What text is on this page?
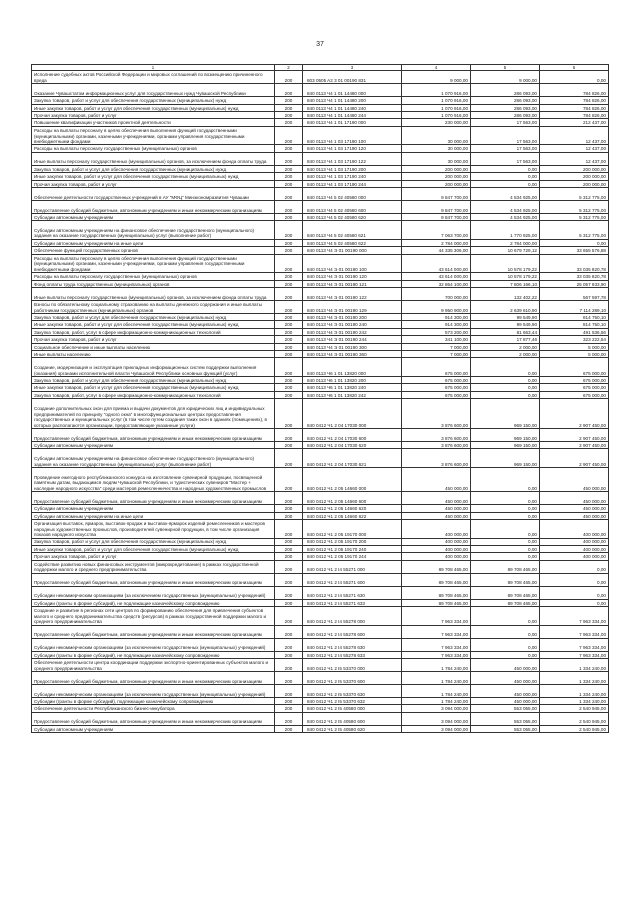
37
1	2	3	4	5	6
Исполнение судебных актов Российской Федерации и мировых соглашений по возмещению причиненного вреда	200	803 0505 A2 3 01 00190 831	9 000,00	9 000,00	0,00
Оказание Чувашстатом информационных услуг для государственных нужд Чувашской Республики	200	840 0113 Ч4 1 01 14480 000	1 070 916,00	286 093,00	784 826,00
Закупка товаров, работ и услуг для обеспечения государственных (муниципальных) нужд	200	840 0113 Ч4 1 01 14480 200	1 070 916,00	286 093,00	784 826,00
Иные закупки товаров, работ и услуг для обеспечения государственных (муниципальных) нужд	200	840 0113 Ч4 1 01 14480 240	1 070 916,00	286 093,00	784 826,00
Прочая закупка товаров, работ и услуг	200	840 0113 Ч4 1 01 14480 244	1 070 916,00	286 093,00	784 826,00
Повышение квалификации участников проектной деятельности	200	840 0113 Ч4 1 01 17190 000	230 000,00	17 563,00	212 437,00
Расходы на выплаты персоналу в целях обеспечения выполнения функций государственными (муниципальными) органами, казенными учреждениями, органами управления государственными внебюджетными фондами	200	840 0113 Ч4 1 03 17190 100	30 000,00	17 563,00	12 437,00
Расходы на выплаты персоналу государственных (муниципальных) органов	200	840 0113 Ч4 1 03 17190 120	30 000,00	17 563,00	12 437,00
Иные выплаты персоналу государственных (муниципальных) органов, за исключением фонда оплаты труда	200	840 0113 Ч4 1 03 17190 122	30 000,00	17 563,00	12 437,00
Закупка товаров, работ и услуг для обеспечения государственных (муниципальных) нужд	200	840 0113 Ч4 1 03 17190 200	200 000,00	0,00	200 000,00
Иные закупки товаров, работ и услуг для обеспечения государственных (муниципальных) нужд	200	840 0113 Ч4 1 03 17190 240	200 000,00	0,00	200 000,00
Прочая закупка товаров, работ и услуг	200	840 0113 Ч4 1 03 17190 244	200 000,00	0,00	200 000,00
Обеспечение деятельности государственных учреждений в АУ "МФЦ" Минэкономразвития Чувашии	200	840 0113 Ч4 5 02 40580 000	9 847 700,00	4 534 925,00	5 312 775,00
Предоставление субсидий бюджетным, автономным учреждениям и иным некоммерческим организациям	200	840 0113 Ч4 5 02 40580 600	9 847 700,00	4 534 925,00	5 312 775,00
Субсидии автономным учреждениям	200	840 0113 Ч4 5 02 40580 620	9 847 700,00	4 534 925,00	5 312 775,00
Субсидии автономным учреждениям на финансовое обеспечение государственного (муниципального) задания на оказание государственных (муниципальных) услуг (выполнение работ)	200	840 0113 Ч4 5 02 40580 621	7 063 700,00	1 770 925,00	5 312 775,00
Субсидии автономным учреждениям на иные цели	200	840 0113 Ч4 5 02 40580 622	2 784 000,00	2 784 000,00	0,00
Обеспечение функций государственных органов	200	840 0113 Ч4 Э 01 00190 000	44 335 306,00	10 679 729,12	33 655 576,88
Расходы на выплаты персоналу в целях обеспечения выполнения функций государственными (муниципальными) органами, казенными учреждениями, органами управления государственными внебюджетными фондами	200	840 0113 Ч4 Э 01 00190 100	43 614 000,00	10 578 179,22	33 035 820,78
Расходы на выплаты персоналу государственных (муниципальных) органов	200	840 0113 Ч4 Э 01 00190 120	43 614 000,00	10 578 179,22	33 035 820,78
Фонд оплаты труда государственных (муниципальных) органов	200	840 0113 Ч4 Э 01 00190 121	32 864 100,00	7 806 166,10	25 057 933,90
Иные выплаты персоналу государственных (муниципальных) органов, за исключением фонда оплаты труда	200	840 0113 Ч4 Э 01 00190 122	700 000,00	132 402,22	567 597,78
Взносы по обязательному социальному страхованию на выплаты денежного содержания и иные выплаты работникам государственных (муниципальных) органов	200	840 0113 Ч4 Э 01 00190 129	9 950 900,00	2 639 610,90	7 114 289,10
Закупка товаров, работ и услуг для обеспечения государственных (муниципальных) нужд	200	840 0113 Ч4 Э 01 00190 200	914 300,00	99 549,90	814 750,10
Иные закупки товаров, работ и услуг для обеспечения государственных (муниципальных) нужд	200	840 0113 Ч4 Э 01 00190 240	914 300,00	99 549,90	814 750,10
Закупка товаров, работ, услуг в сфере информационно-коммуникационных технологий	200	840 0113 Ч4 Э 01 00190 242	573 200,00	81 663,44	491 536,56
Прочая закупка товаров, работ и услуг	200	840 0113 Ч4 Э 01 00190 244	341 100,00	17 877,46	323 222,54
Социальное обеспечение и иные выплаты населению	200	840 0113 Ч4 Э 01 00190 300	7 000,00	2 000,00	5 000,00
Иные выплаты населению	200	840 0113 Ч4 Э 01 00190 360	7 000,00	2 000,00	5 000,00
Создание, модернизация и эксплуатация прикладных информационных систем поддержки выполнения (оказания) органами исполнительной власти Чувашской Республики основных функций (услуг)	200	840 0113 Ч6 1 01 13820 000	675 000,00	0,00	675 000,00
Закупка товаров, работ и услуг для обеспечения государственных (муниципальных) нужд	200	840 0113 Ч6 1 01 13820 200	675 000,00	0,00	675 000,00
Иные закупки товаров, работ и услуг для обеспечения государственных (муниципальных) нужд	200	840 0113 Ч6 1 01 13820 240	675 000,00	0,00	675 000,00
Закупка товаров, работ, услуг в сфере информационно-коммуникационных технологий	200	840 0113 Ч6 1 01 13820 242	675 000,00	0,00	675 000,00
Создание дополнительных окон для приема и выдачи документов для юридических лиц и индивидуальных предпринимателей по принципу "одного окна" в многофункциональных центрах предоставления государственных и муниципальных услуг (в том числе путем создания таких окон в зданиях (помещениях), в которых располагаются организации, предоставляющие указанные услуги)	200	840 0412 Ч1 2 04 17030 000	3 876 600,00	969 150,00	2 907 450,00
Предоставление субсидий бюджетным, автономным учреждениям и иным некоммерческим организациям	200	840 0412 Ч1 2 04 17030 600	3 876 600,00	969 150,00	2 907 450,00
Субсидии автономным учреждениям	200	840 0412 Ч1 2 04 17030 620	3 876 600,00	969 150,00	2 907 450,00
Субсидии автономным учреждениям на финансовое обеспечение государственного (муниципального) задания на оказание государственных (муниципальных) услуг (выполнение работ)	200	840 0412 Ч1 2 04 17030 621	3 876 600,00	969 150,00	2 907 450,00
Проведение ежегодного республиканского конкурса на изготовление сувенирной продукции, посвященной памятным датам, выдающимся людям Чувашской Республики, и туристических сувениров "Мастер + наследие народного искусства" среди мастеров ремесленничества и народных художественных промыслов	200	840 0412 Ч1 2 05 14660 000	450 000,00	0,00	450 000,00
Предоставление субсидий бюджетным, автономным учреждениям и иным некоммерческим организациям	200	840 0412 Ч1 2 05 14660 600	450 000,00	0,00	450 000,00
Субсидии автономным учреждениям	200	840 0412 Ч1 2 05 14660 620	450 000,00	0,00	450 000,00
Субсидии автономным учреждениям на иные цели	200	840 0412 Ч1 2 05 14660 622	450 000,00	0,00	450 000,00
Организация выставок, ярмарок, выставок-продаж и выставок-ярмарок изделий ремесленников и мастеров народных художественных промыслов, производителей сувенирной продукции, в том числе организация показов народного искусства	200	840 0412 Ч1 2 05 19170 000	400 000,00	0,00	400 000,00
Закупка товаров, работ и услуг для обеспечения государственных (муниципальных) нужд	200	840 0412 Ч1 2 05 19170 200	400 000,00	0,00	400 000,00
Иные закупки товаров, работ и услуг для обеспечения государственных (муниципальных) нужд	200	840 0412 Ч1 2 05 19170 240	400 000,00	0,00	400 000,00
Прочая закупка товаров, работ и услуг	200	840 0412 Ч1 2 05 19170 244	400 000,00	0,00	400 000,00
Содействие развитию новых финансовых инструментов (микрокредитование) в рамках государственной поддержки малого и среднего предпринимательства	200	840 0412 Ч1 2 I4 55271 000	89 708 465,00	89 708 465,00	0,00
Предоставление субсидий бюджетным, автономным учреждениям и иным некоммерческим организациям	200	840 0412 Ч1 2 I4 55271 600	89 708 465,00	89 708 465,00	0,00
Субсидии некоммерческим организациям (за исключением государственных (муниципальных) учреждений)	200	840 0412 Ч1 2 I4 55271 630	89 708 465,00	89 708 465,00	0,00
Субсидии (гранты в форме субсидий), не подлежащие казначейскому сопровождению	200	840 0412 Ч1 2 I4 55271 633	89 708 465,00	89 708 465,00	0,00
Создание и развитие в регионах сети центров по формированию обеспечения для привлечения субъектов малого и среднего предпринимательства средств (ресурсов) в рамках государственной поддержки малого и среднего предпринимательства	200	840 0412 Ч1 2 I4 55278 000	7 963 334,00	0,00	7 963 334,00
Предоставление субсидий бюджетным, автономным учреждениям и иным некоммерческим организациям	200	840 0412 Ч1 2 I4 55278 600	7 963 334,00	0,00	7 963 334,00
Субсидии некоммерческим организациям (за исключением государственных (муниципальных) учреждений)	200	840 0412 Ч1 2 I4 55278 630	7 963 334,00	0,00	7 963 334,00
Субсидии (гранты в форме субсидий), не подлежащие казначейскому сопровождению	200	840 0412 Ч1 2 I4 55278 633	7 963 334,00	0,00	7 963 334,00
Обеспечение деятельности центра координации поддержки экспортно-ориентированных субъектов малого и среднего предпринимательства	200	840 0412 Ч1 2 I5 53370 000	1 784 240,00	450 000,00	1 334 240,00
Предоставление субсидий бюджетным, автономным учреждениям и иным некоммерческим организациям	200	840 0412 Ч1 2 I5 53370 600	1 784 240,00	450 000,00	1 334 240,00
Субсидии некоммерческим организациям (за исключением государственных (муниципальных) учреждений)	200	840 0412 Ч1 2 I5 53370 630	1 784 240,00	450 000,00	1 334 240,00
Субсидии (гранты в форме субсидий), подлежащие казначейскому сопровождению	200	840 0412 Ч1 2 I5 53370 632	1 784 240,00	450 000,00	1 334 240,00
Обеспечение деятельности Республиканского бизнес-инкубатора	200	840 0412 Ч1 2 I5 40580 000	3 094 000,00	553 055,00	2 540 945,00
Предоставление субсидий бюджетным, автономным учреждениям и иным некоммерческим организациям	200	840 0412 Ч1 2 I5 40580 600	3 094 000,00	553 055,00	2 540 945,00
Субсидии автономным учреждениям	200	840 0412 Ч1 2 I5 40580 620	3 094 000,00	553 055,00	2 540 945,00
